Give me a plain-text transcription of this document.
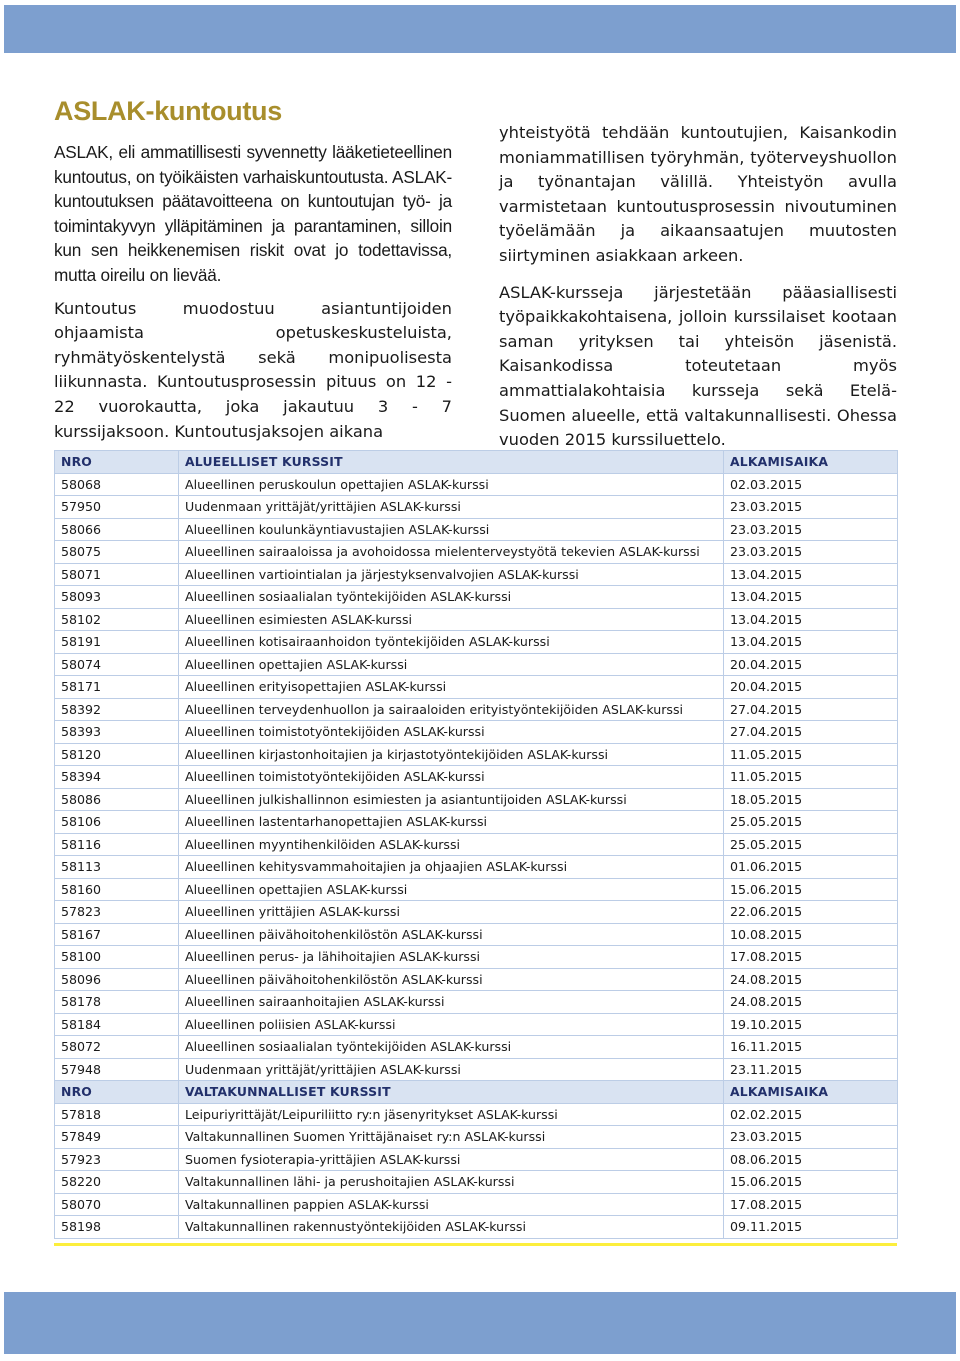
ASLAK-kuntoutus

ASLAK, eli ammatillisesti syvennetty lääketieteellinen kuntoutus, on työikäisten varhaiskuntoutusta. ASLAK-kuntoutuksen päätavoitteena on kuntoutujan työ- ja toimintakyvyn ylläpitäminen ja parantaminen, silloin kun sen heikkenemisen riskit ovat jo todettavissa, mutta oireilu on lievää.

Kuntoutus muodostuu asiantuntijoiden ohjaamista opetuskeskusteluista, ryhmätyöskentelystä sekä monipuolisesta liikunnasta. Kuntoutusprosessin pituus on 12 - 22 vuorokautta, joka jakautuu 3 - 7 kurssijaksoon. Kuntoutusjaksojen aikana

yhteistyötä tehdään kuntoutujien, Kaisankodin moniammatillisen työryhmän, työterveyshuollon ja työnantajan välillä. Yhteistyön avulla varmistetaan kuntoutusprosessin nivoutuminen työelämään ja aikaansaatujen muutosten siirtyminen asiakkaan arkeen.

ASLAK-kursseja järjestetään pääasiallisesti työpaikkakohtaisena, jolloin kurssilaiset kootaan saman yrityksen tai yhteisön jäsenistä. Kaisankodissa toteutetaan myös ammattialakohtaisia kursseja sekä Etelä-Suomen alueelle, että valtakunnallisesti. Ohessa vuoden 2015 kurssiluettelo.

NRO	ALUEELLISET KURSSIT	ALKAMISAIKA
58068	Alueellinen peruskoulun opettajien ASLAK-kurssi	02.03.2015
57950	Uudenmaan yrittäjät/yrittäjien ASLAK-kurssi	23.03.2015
58066	Alueellinen koulunkäyntiavustajien ASLAK-kurssi	23.03.2015
58075	Alueellinen sairaaloissa ja avohoidossa mielenterveystyötä tekevien ASLAK-kurssi	23.03.2015
58071	Alueellinen vartiointialan ja järjestyksenvalvojien ASLAK-kurssi	13.04.2015
58093	Alueellinen sosiaalialan työntekijöiden ASLAK-kurssi	13.04.2015
58102	Alueellinen esimiesten ASLAK-kurssi	13.04.2015
58191	Alueellinen kotisairaanhoidon työntekijöiden ASLAK-kurssi	13.04.2015
58074	Alueellinen opettajien ASLAK-kurssi	20.04.2015
58171	Alueellinen erityisopettajien ASLAK-kurssi	20.04.2015
58392	Alueellinen terveydenhuollon ja sairaaloiden erityistyöntekijöiden ASLAK-kurssi	27.04.2015
58393	Alueellinen toimistotyöntekijöiden ASLAK-kurssi	27.04.2015
58120	Alueellinen kirjastonhoitajien ja kirjastotyöntekijöiden ASLAK-kurssi	11.05.2015
58394	Alueellinen toimistotyöntekijöiden ASLAK-kurssi	11.05.2015
58086	Alueellinen julkishallinnon esimiesten ja asiantuntijoiden ASLAK-kurssi	18.05.2015
58106	Alueellinen lastentarhanopettajien ASLAK-kurssi	25.05.2015
58116	Alueellinen myyntihenkilöiden ASLAK-kurssi	25.05.2015
58113	Alueellinen kehitysvammahoitajien ja ohjaajien ASLAK-kurssi	01.06.2015
58160	Alueellinen opettajien ASLAK-kurssi	15.06.2015
57823	Alueellinen yrittäjien ASLAK-kurssi	22.06.2015
58167	Alueellinen päivähoitohenkilöstön ASLAK-kurssi	10.08.2015
58100	Alueellinen perus- ja lähihoitajien ASLAK-kurssi	17.08.2015
58096	Alueellinen päivähoitohenkilöstön ASLAK-kurssi	24.08.2015
58178	Alueellinen sairaanhoitajien ASLAK-kurssi	24.08.2015
58184	Alueellinen poliisien ASLAK-kurssi	19.10.2015
58072	Alueellinen sosiaalialan työntekijöiden ASLAK-kurssi	16.11.2015
57948	Uudenmaan yrittäjät/yrittäjien ASLAK-kurssi	23.11.2015
NRO	VALTAKUNNALLISET KURSSIT	ALKAMISAIKA
57818	Leipuriyrittäjät/Leipuriliitto ry:n jäsenyritykset ASLAK-kurssi	02.02.2015
57849	Valtakunnallinen Suomen Yrittäjänaiset ry:n ASLAK-kurssi	23.03.2015
57923	Suomen fysioterapia-yrittäjien ASLAK-kurssi	08.06.2015
58220	Valtakunnallinen lähi- ja perushoitajien ASLAK-kurssi	15.06.2015
58070	Valtakunnallinen pappien ASLAK-kurssi	17.08.2015
58198	Valtakunnallinen rakennustyöntekijöiden ASLAK-kurssi	09.11.2015
